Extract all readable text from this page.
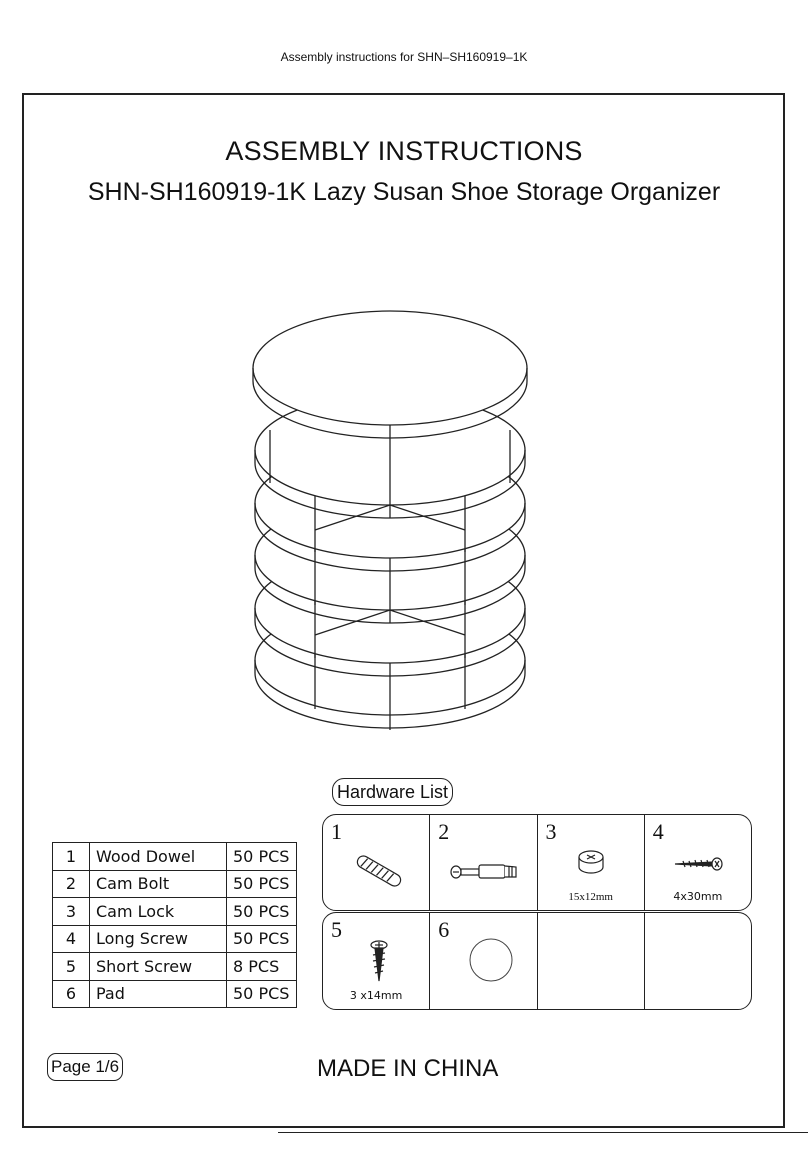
Assembly instructions for SHN–SH160919–1K
ASSEMBLY INSTRUCTIONS
SHN-SH160919-1K Lazy Susan Shoe Storage Organizer
Hardware List
1	Wood Dowel	50 PCS
2	Cam Bolt	50 PCS
3	Cam Lock	50 PCS
4	Long Screw	50 PCS
5	Short Screw	8 PCS
6	Pad	50 PCS
1	2	3
15x12mm
4
4x30mm
5
3 x14mm
6
Page 1/6	MADE IN CHINA
